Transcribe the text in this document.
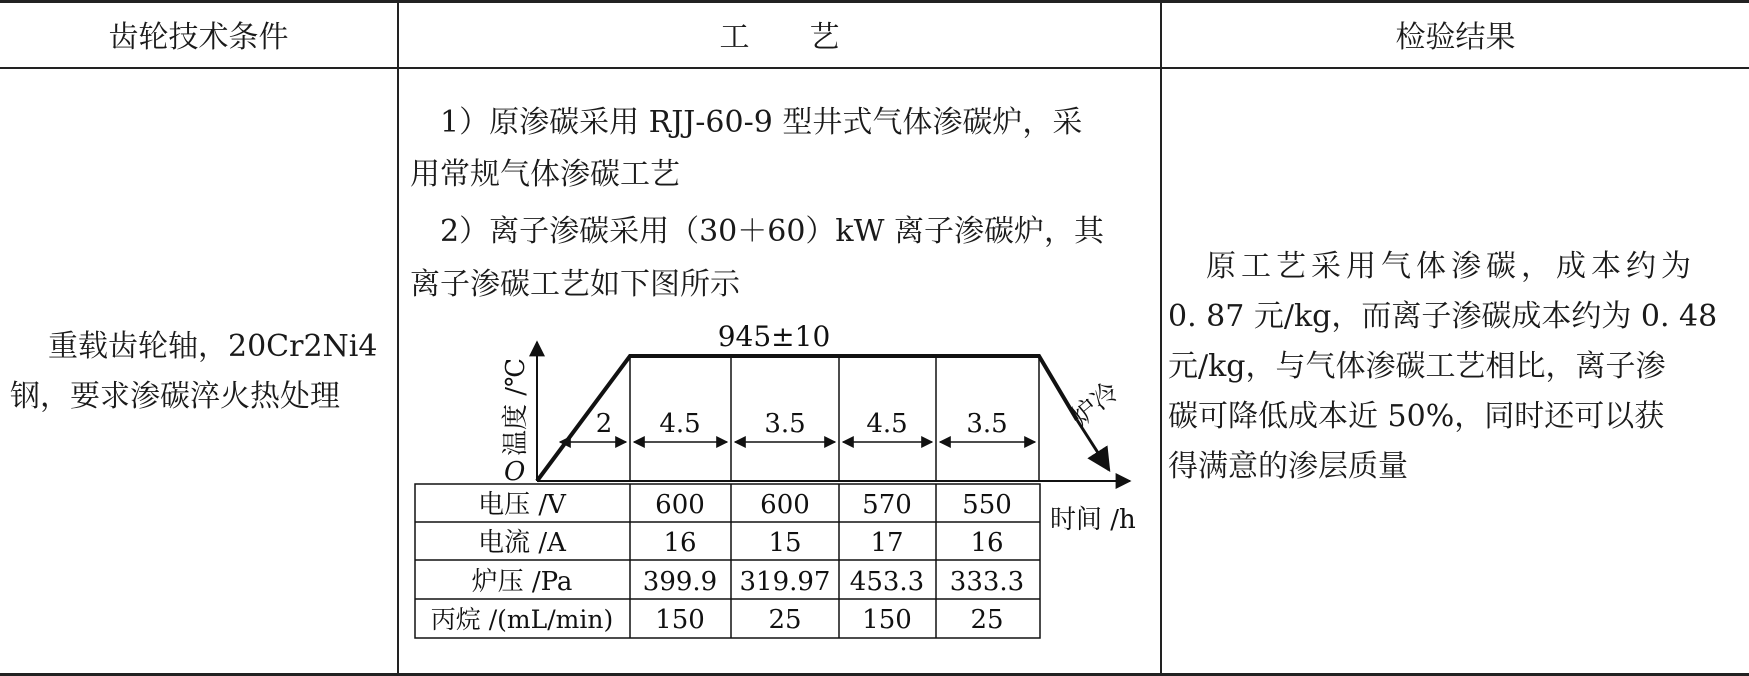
齿轮技术条件	工　　艺	检验结果
重载齿轮轴，20Cr2Ni4
钢，要求渗碳淬火热处理
1）原渗碳采用 RJJ-60-9 型井式气体渗碳炉，采
用常规气体渗碳工艺
2）离子渗碳采用（30＋60）kW 离子渗碳炉，其
离子渗碳工艺如下图所示
945±10
温度 /℃
O
炉冷
2 4.5 3.5 4.5 3.5
时间 /h
电压 /V	600 600 570 550
电流 /A	16	15	17	16
炉压 /Pa	399.9 319.97 453.3 333.3
丙烷 /(mL/min) 150 25 150 25
原工艺采用气体渗碳，成本约为
0. 87 元/kg，而离子渗碳成本约为 0. 48
元/kg，与气体渗碳工艺相比，离子渗
碳可降低成本近 50%，同时还可以获
得满意的渗层质量
